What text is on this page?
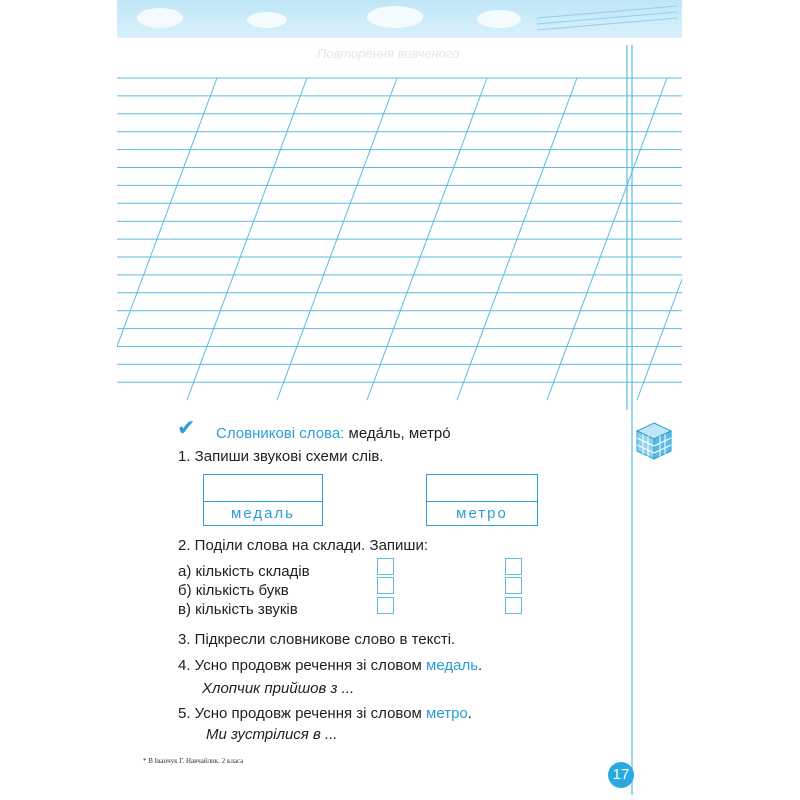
Повторення вивченого
✔ Словникові слова: меда́ль, метро́
1. Запиши звукові схеми слів.
медаль	метро
2. Поділи слова на склади. Запиши:
а) кількість складів
б) кількість букв
в) кількість звуків
3. Підкресли словникове слово в тексті.
4. Усно продовж речення зі словом медаль.
Хлопчик прийшов з ...
5. Усно продовж речення зі словом метро.
Ми зустрілися в ...
* В Іванчук Г. Навчайлик. 2 класа
17
